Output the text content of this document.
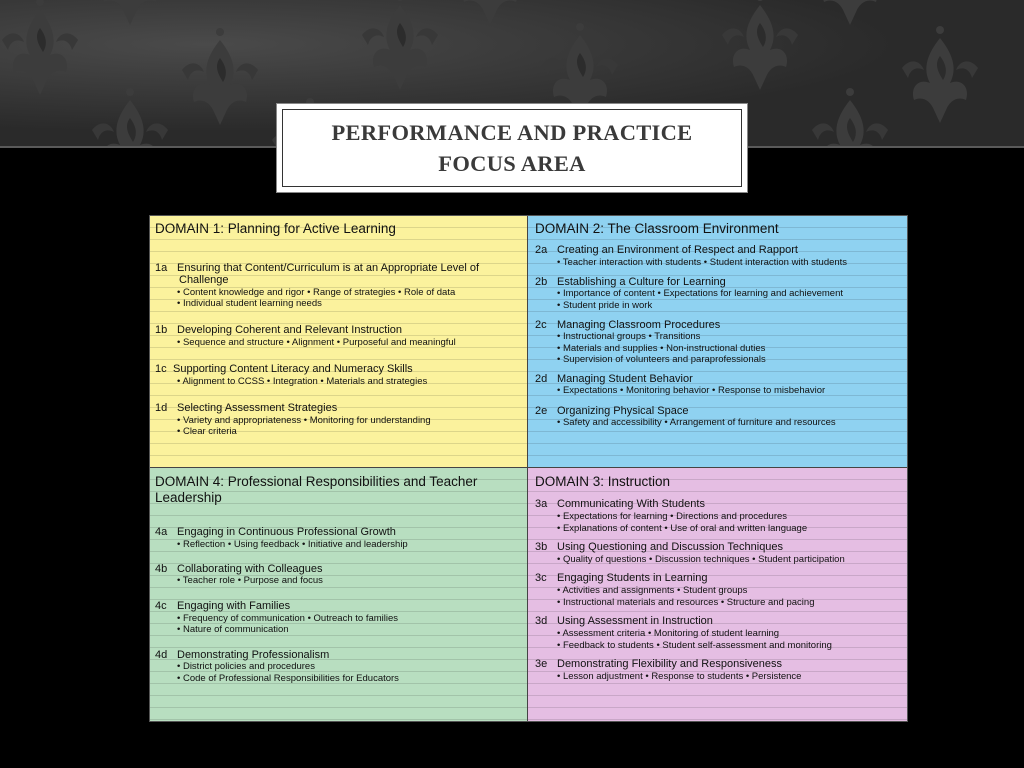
PERFORMANCE AND PRACTICE
FOCUS AREA
DOMAIN 1: Planning for Active Learning
1a Ensuring that Content/Curriculum is at an Appropriate Level of
Challenge
• Content knowledge and rigor • Range of strategies • Role of data
• Individual student learning needs
1b Developing Coherent and Relevant Instruction
• Sequence and structure • Alignment • Purposeful and meaningful
1c Supporting Content Literacy and Numeracy Skills
• Alignment to CCSS • Integration • Materials and strategies
1d Selecting Assessment Strategies
• Variety and appropriateness • Monitoring for understanding
• Clear criteria
DOMAIN 2: The Classroom Environment
2a Creating an Environment of Respect and Rapport
• Teacher interaction with students • Student interaction with students
2b Establishing a Culture for Learning
• Importance of content • Expectations for learning and achievement
• Student pride in work
2c Managing Classroom Procedures
• Instructional groups • Transitions
• Materials and supplies • Non-instructional duties
• Supervision of volunteers and paraprofessionals
2d Managing Student Behavior
• Expectations • Monitoring behavior • Response to misbehavior
2e Organizing Physical Space
• Safety and accessibility • Arrangement of furniture and resources
DOMAIN 4: Professional Responsibilities and Teacher
Leadership
4a Engaging in Continuous Professional Growth
• Reflection • Using feedback • Initiative and leadership
4b Collaborating with Colleagues
• Teacher role • Purpose and focus
4c Engaging with Families
• Frequency of communication • Outreach to families
• Nature of communication
4d Demonstrating Professionalism
• District policies and procedures
• Code of Professional Responsibilities for Educators
DOMAIN 3: Instruction
3a Communicating With Students
• Expectations for learning • Directions and procedures
• Explanations of content • Use of oral and written language
3b Using Questioning and Discussion Techniques
• Quality of questions • Discussion techniques • Student participation
3c Engaging Students in Learning
• Activities and assignments • Student groups
• Instructional materials and resources • Structure and pacing
3d Using Assessment in Instruction
• Assessment criteria • Monitoring of student learning
• Feedback to students • Student self-assessment and monitoring
3e Demonstrating Flexibility and Responsiveness
• Lesson adjustment • Response to students • Persistence
